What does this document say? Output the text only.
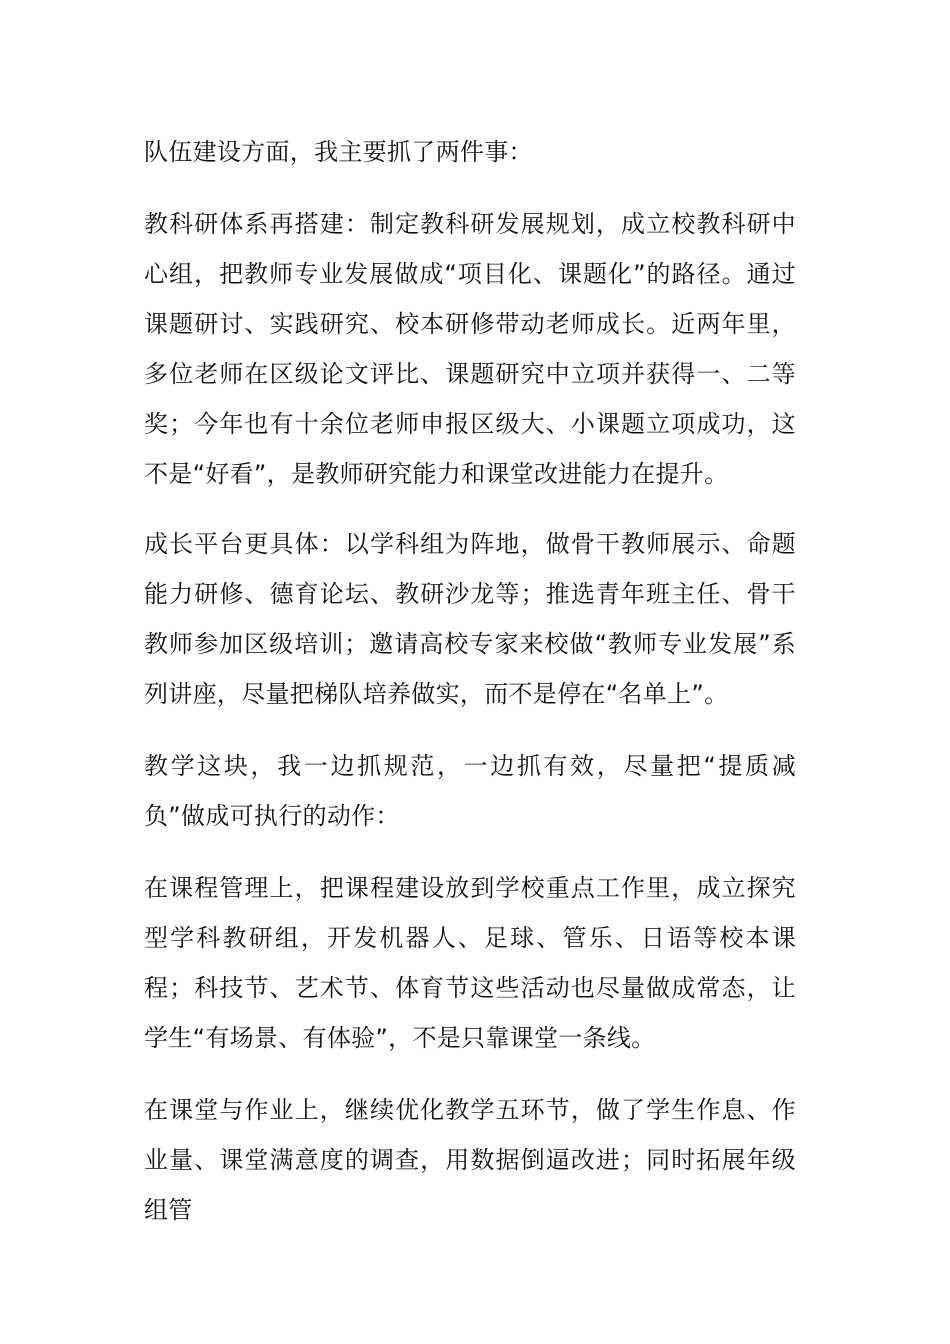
队伍建设方面，我主要抓了两件事：

教科研体系再搭建：制定教科研发展规划，成立校教科研中心组，把教师专业发展做成“项目化、课题化”的路径。通过课题研讨、实践研究、校本研修带动老师成长。近两年里，多位老师在区级论文评比、课题研究中立项并获得一、二等奖；今年也有十余位老师申报区级大、小课题立项成功，这不是“好看”，是教师研究能力和课堂改进能力在提升。

成长平台更具体：以学科组为阵地，做骨干教师展示、命题能力研修、德育论坛、教研沙龙等；推选青年班主任、骨干教师参加区级培训；邀请高校专家来校做“教师专业发展”系列讲座，尽量把梯队培养做实，而不是停在“名单上”。

教学这块，我一边抓规范，一边抓有效，尽量把“提质减负”做成可执行的动作：

在课程管理上，把课程建设放到学校重点工作里，成立探究型学科教研组，开发机器人、足球、管乐、日语等校本课程；科技节、艺术节、体育节这些活动也尽量做成常态，让学生“有场景、有体验”，不是只靠课堂一条线。

在课堂与作业上，继续优化教学五环节，做了学生作息、作业量、课堂满意度的调查，用数据倒逼改进；同时拓展年级组管
